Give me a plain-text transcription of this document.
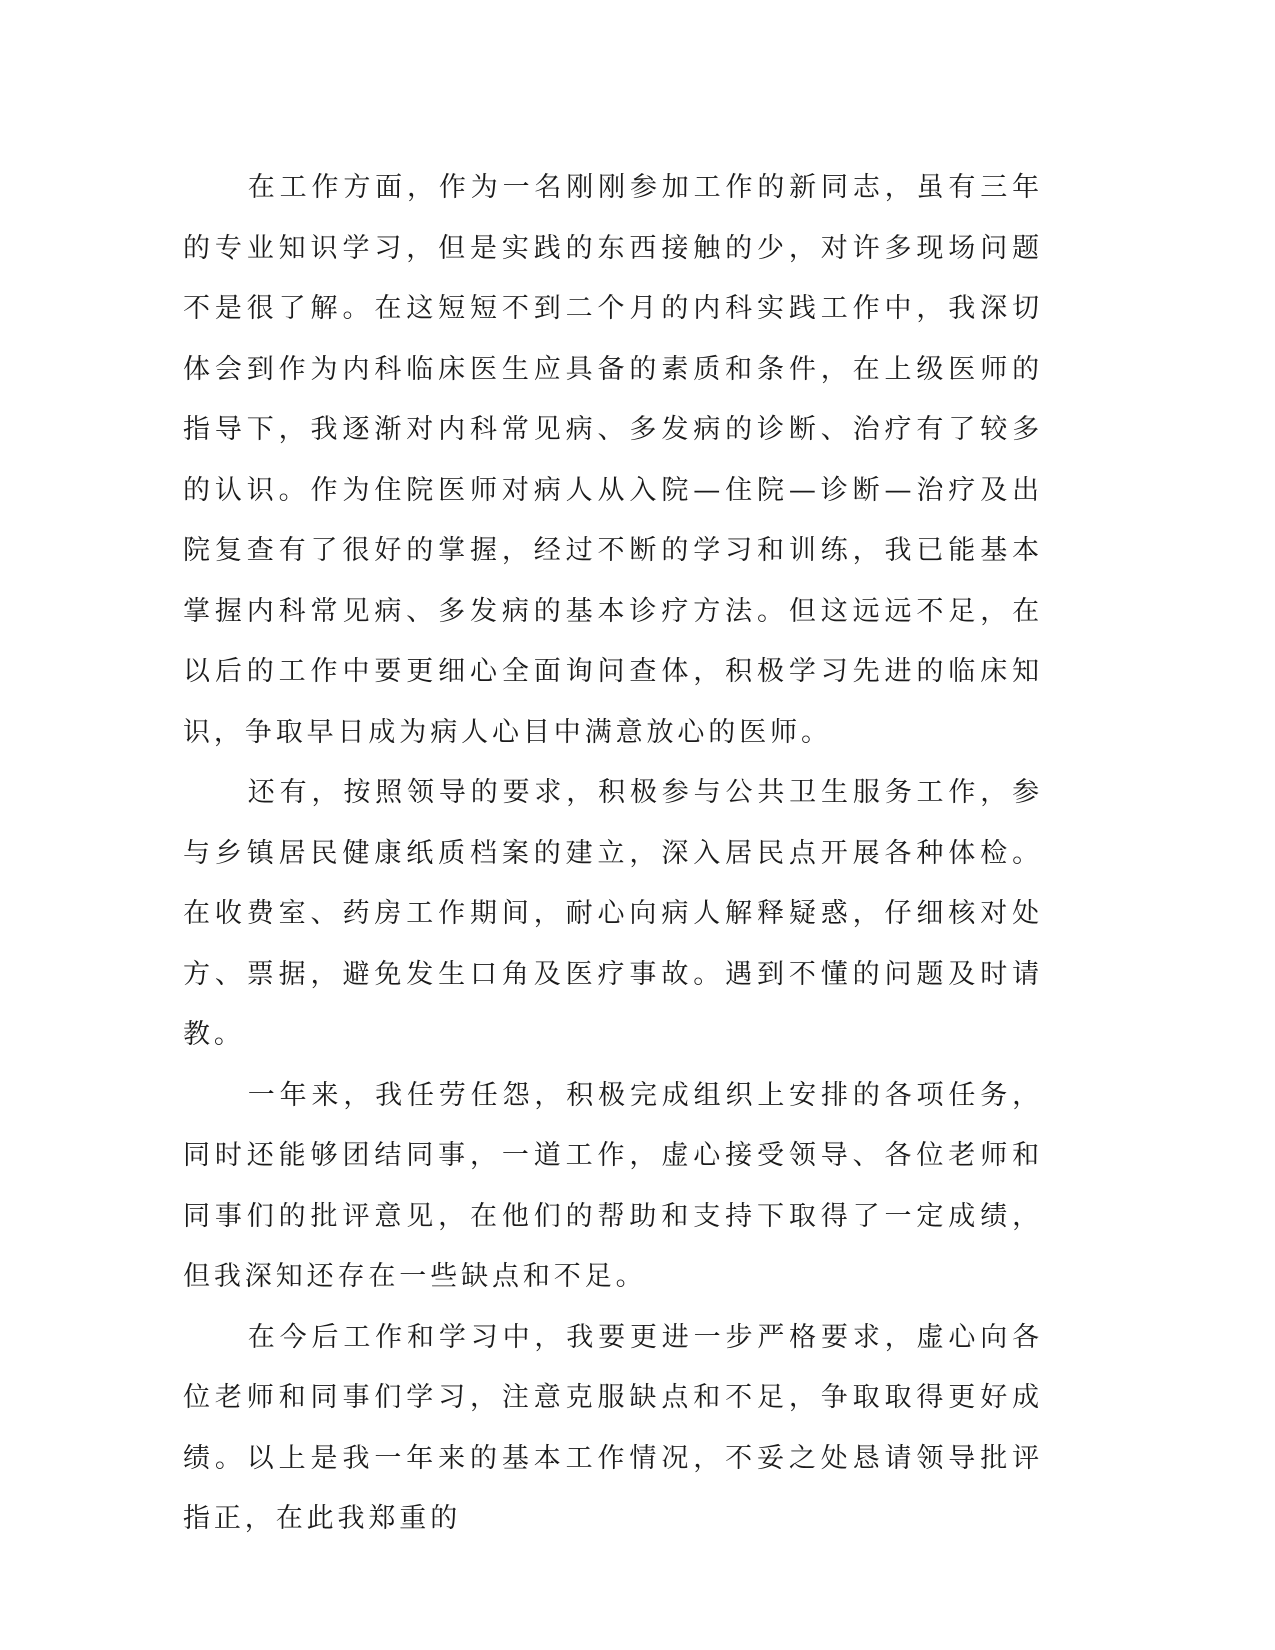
在工作方面，作为一名刚刚参加工作的新同志，虽有三年的专业知识学习，但是实践的东西接触的少，对许多现场问题不是很了解。在这短短不到二个月的内科实践工作中，我深切体会到作为内科临床医生应具备的素质和条件，在上级医师的指导下，我逐渐对内科常见病、多发病的诊断、治疗有了较多的认识。作为住院医师对病人从入院—住院—诊断—治疗及出院复查有了很好的掌握，经过不断的学习和训练，我已能基本掌握内科常见病、多发病的基本诊疗方法。但这远远不足，在以后的工作中要更细心全面询问查体，积极学习先进的临床知识，争取早日成为病人心目中满意放心的医师。

还有，按照领导的要求，积极参与公共卫生服务工作，参与乡镇居民健康纸质档案的建立，深入居民点开展各种体检。在收费室、药房工作期间，耐心向病人解释疑惑，仔细核对处方、票据，避免发生口角及医疗事故。遇到不懂的问题及时请教。

一年来，我任劳任怨，积极完成组织上安排的各项任务，同时还能够团结同事，一道工作，虚心接受领导、各位老师和同事们的批评意见，在他们的帮助和支持下取得了一定成绩，但我深知还存在一些缺点和不足。

在今后工作和学习中，我要更进一步严格要求，虚心向各位老师和同事们学习，注意克服缺点和不足，争取取得更好成绩。以上是我一年来的基本工作情况，不妥之处恳请领导批评指正，在此我郑重的
